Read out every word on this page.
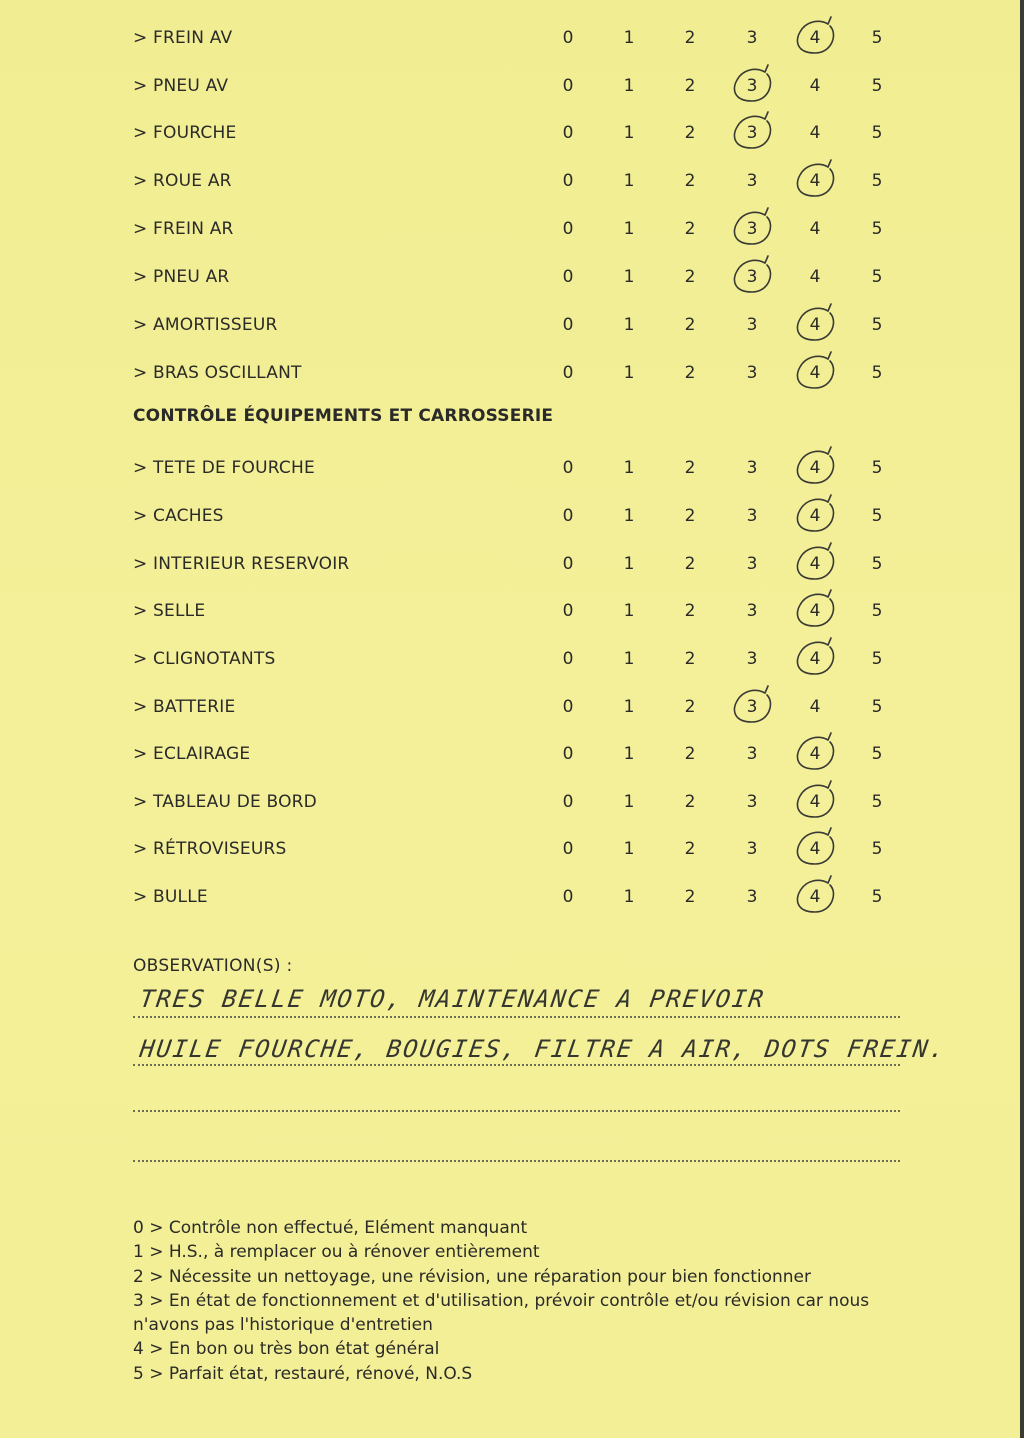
> FREIN AV	0	1	2	3	4	5
> PNEU AV	0	1	2	3	4	5
> FOURCHE	0	1	2	3	4	5
> ROUE AR	0	1	2	3	4	5
> FREIN AR	0	1	2	3	4	5
> PNEU AR	0	1	2	3	4	5
> AMORTISSEUR	0	1	2	3	4	5
> BRAS OSCILLANT	0	1	2	3	4	5
CONTRÔLE ÉQUIPEMENTS ET CARROSSERIE
> TETE DE FOURCHE	0	1	2	3	4	5
> CACHES	0	1	2	3	4	5
> INTERIEUR RESERVOIR	0	1	2	3	4	5
> SELLE	0	1	2	3	4	5
> CLIGNOTANTS	0	1	2	3	4	5
> BATTERIE	0	1	2	3	4	5
> ECLAIRAGE	0	1	2	3	4	5
> TABLEAU DE BORD	0	1	2	3	4	5
> RÉTROVISEURS	0	1	2	3	4	5
> BULLE	0	1	2	3	4	5
OBSERVATION(S) :
TRES BELLE MOTO, MAINTENANCE A PREVOIR
HUILE FOURCHE, BOUGIES, FILTRE A AIR, DOTS FREIN.
0 > Contrôle non effectué, Elément manquant
1 > H.S., à remplacer ou à rénover entièrement
2 > Nécessite un nettoyage, une révision, une réparation pour bien fonctionner
3 > En état de fonctionnement et d'utilisation, prévoir contrôle et/ou révision car nous n'avons pas l'historique d'entretien
4 > En bon ou très bon état général
5 > Parfait état, restauré, rénové, N.O.S
